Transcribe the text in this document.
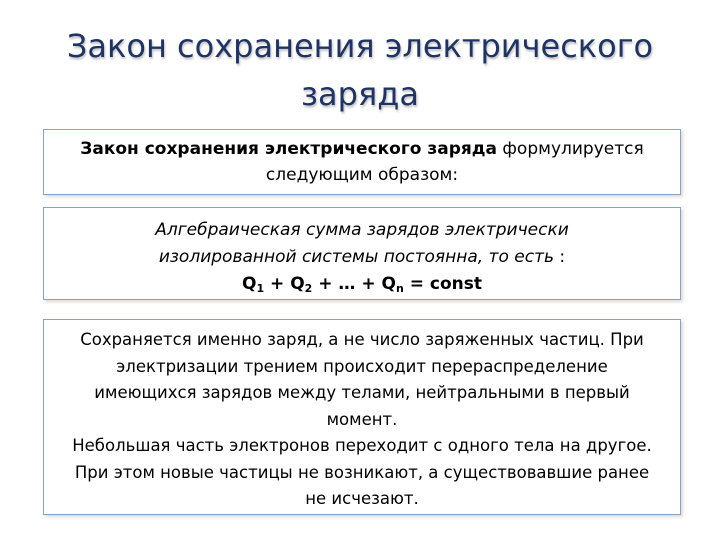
Закон сохранения электрического
заряда
Закон сохранения электрического заряда формулируется
следующим образом:
Алгебраическая сумма зарядов электрически
изолированной системы постоянна, то есть :
$Q_1 + Q_2$ + … + $Q_n$ = const
Сохраняется именно заряд, а не число заряженных частиц. При
электризации трением происходит перераспределение
имеющихся зарядов между телами, нейтральными в первый
момент.
Небольшая часть электронов переходит с одного тела на другое.
При этом новые частицы не возникают, а существовавшие ранее
не исчезают.
